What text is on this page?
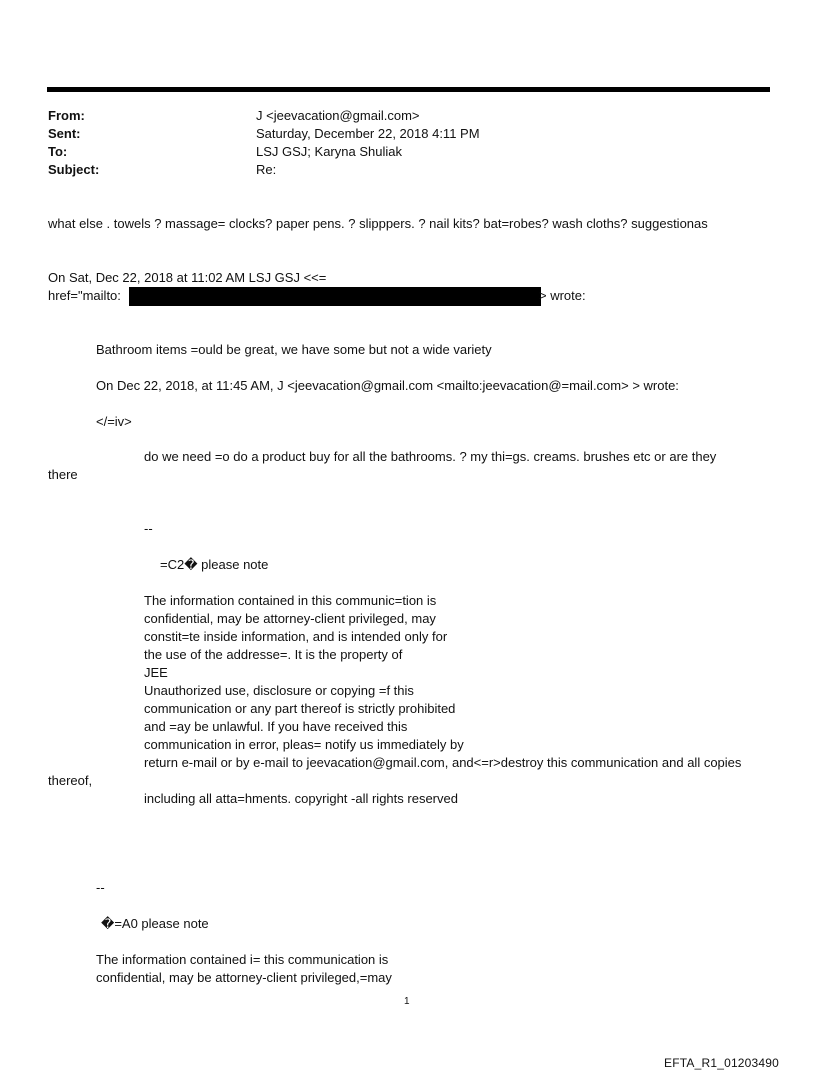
From:	J <jeevacation@gmail.com>
Sent:	Saturday, December 22, 2018 4:11 PM
To:	LSJ GSJ; Karyna Shuliak
Subject:	Re:
what else . towels ? massage= clocks? paper pens. ? slipppers. ? nail kits? bat=robes? wash cloths? suggestionas
On Sat, Dec 22, 2018 at 11:02 AM LSJ GSJ <<=
href="mailto:	> wrote:
Bathroom items =ould be great, we have some but not a wide variety
On Dec 22, 2018, at 11:45 AM, J <jeevacation@gmail.com <mailto:jeevacation@=mail.com> > wrote:
</=iv>
do we need =o do a product buy for all the bathrooms. ? my thi=gs. creams. brushes etc or are they
there
--
=C2� please note
The information contained in this communic=tion is
confidential, may be attorney-client privileged, may
constit=te inside information, and is intended only for
the use of the addresse=. It is the property of
JEE
Unauthorized use, disclosure or copying =f this
communication or any part thereof is strictly prohibited
and =ay be unlawful. If you have received this
communication in error, pleas= notify us immediately by
return e-mail or by e-mail to jeevacation@gmail.com, and<=r>destroy this communication and all copies
thereof,
including all atta=hments. copyright -all rights reserved
--
�=A0 please note
The information contained i= this communication is
confidential, may be attorney-client privileged,=may
1
EFTA_R1_01203490
